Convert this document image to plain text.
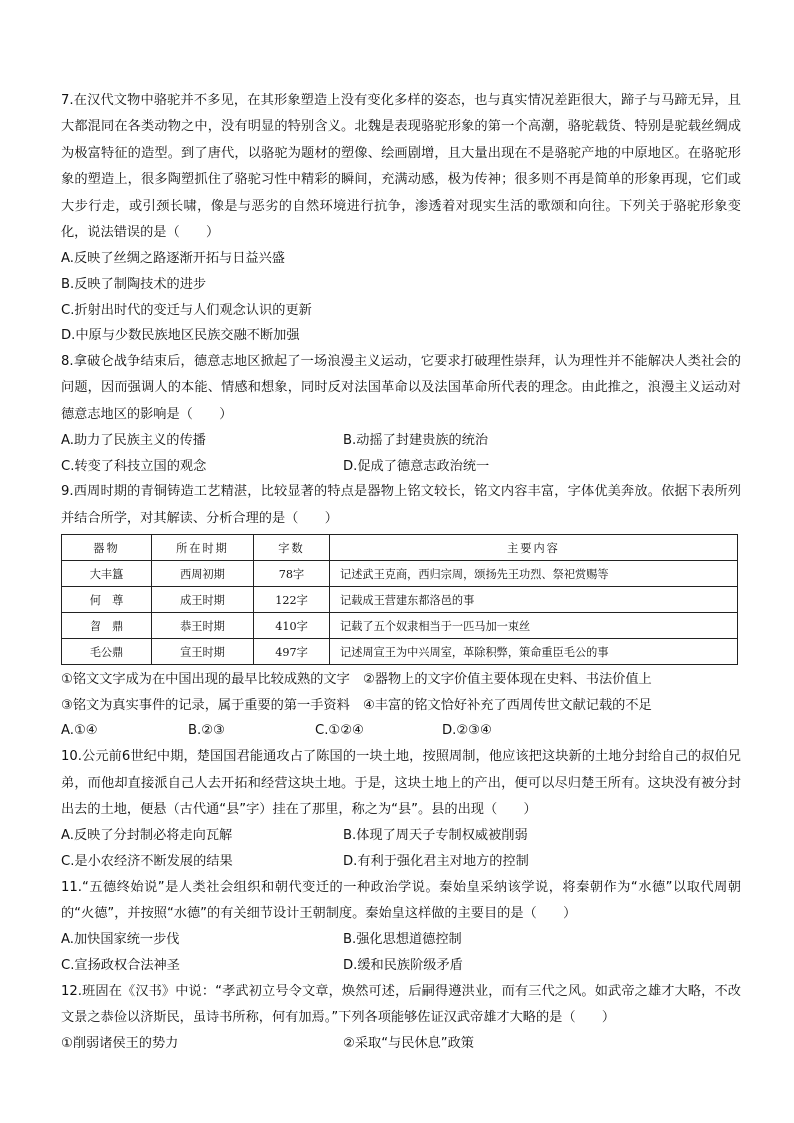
7.在汉代文物中骆驼并不多见，在其形象塑造上没有变化多样的姿态，也与真实情况差距很大，蹄子与马蹄无异，且大都混同在各类动物之中，没有明显的特别含义。北魏是表现骆驼形象的第一个高潮，骆驼载货、特别是驼载丝绸成为极富特征的造型。到了唐代，以骆驼为题材的塑像、绘画剧增，且大量出现在不是骆驼产地的中原地区。在骆驼形象的塑造上，很多陶塑抓住了骆驼习性中精彩的瞬间，充满动感，极为传神；很多则不再是简单的形象再现，它们或大步行走，或引颈长啸，像是与恶劣的自然环境进行抗争，渗透着对现实生活的歌颂和向往。下列关于骆驼形象变化，说法错误的是（　　）

A.反映了丝绸之路逐渐开拓与日益兴盛

B.反映了制陶技术的进步

C.折射出时代的变迁与人们观念认识的更新

D.中原与少数民族地区民族交融不断加强

8.拿破仑战争结束后，德意志地区掀起了一场浪漫主义运动，它要求打破理性崇拜，认为理性并不能解决人类社会的问题，因而强调人的本能、情感和想象，同时反对法国革命以及法国革命所代表的理念。由此推之，浪漫主义运动对德意志地区的影响是（　　）

A.助力了民族主义的传播	B.动摇了封建贵族的统治
C.转变了科技立国的观念	D.促成了德意志政治统一

9.西周时期的青铜铸造工艺精湛，比较显著的特点是器物上铭文较长，铭文内容丰富，字体优美奔放。依据下表所列并结合所学，对其解读、分析合理的是（　　）

器物	所在时期	字数	主要内容
大丰簋	西周初期	78字	记述武王克商，西归宗周，颂扬先王功烈、祭祀赏赐等
何　尊	成王时期	122字	记载成王营建东都洛邑的事
曶　鼎	恭王时期	410字	记载了五个奴隶相当于一匹马加一束丝
毛公鼎	宣王时期	497字	记述周宣王为中兴周室，革除积弊，策命重臣毛公的事
①铭文文字成为在中国出现的最早比较成熟的文字　②器物上的文字价值主要体现在史料、书法价值上
③铭文为真实事件的记录，属于重要的第一手资料　④丰富的铭文恰好补充了西周传世文献记载的不足
A.①④	B.②③	C.①②④	D.②③④

10.公元前6世纪中期，楚国国君能通攻占了陈国的一块土地，按照周制，他应该把这块新的土地分封给自己的叔伯兄弟，而他却直接派自己人去开拓和经营这块土地。于是，这块土地上的产出，便可以尽归楚王所有。这块没有被分封出去的土地，便悬（古代通“县”字）挂在了那里，称之为“县”。县的出现（　　）

A.反映了分封制必将走向瓦解	B.体现了周天子专制权威被削弱
C.是小农经济不断发展的结果	D.有利于强化君主对地方的控制

11.“五德终始说”是人类社会组织和朝代变迁的一种政治学说。秦始皇采纳该学说，将秦朝作为“水德”以取代周朝的“火德”，并按照“水德”的有关细节设计王朝制度。秦始皇这样做的主要目的是（　　）

A.加快国家统一步伐	B.强化思想道德控制
C.宣扬政权合法神圣	D.缓和民族阶级矛盾

12.班固在《汉书》中说：“孝武初立号令文章，焕然可述，后嗣得遵洪业，而有三代之风。如武帝之雄才大略，不改文景之恭俭以济斯民，虽诗书所称，何有加焉。”下列各项能够佐证汉武帝雄才大略的是（　　）

①削弱诸侯王的势力	②采取“与民休息”政策
